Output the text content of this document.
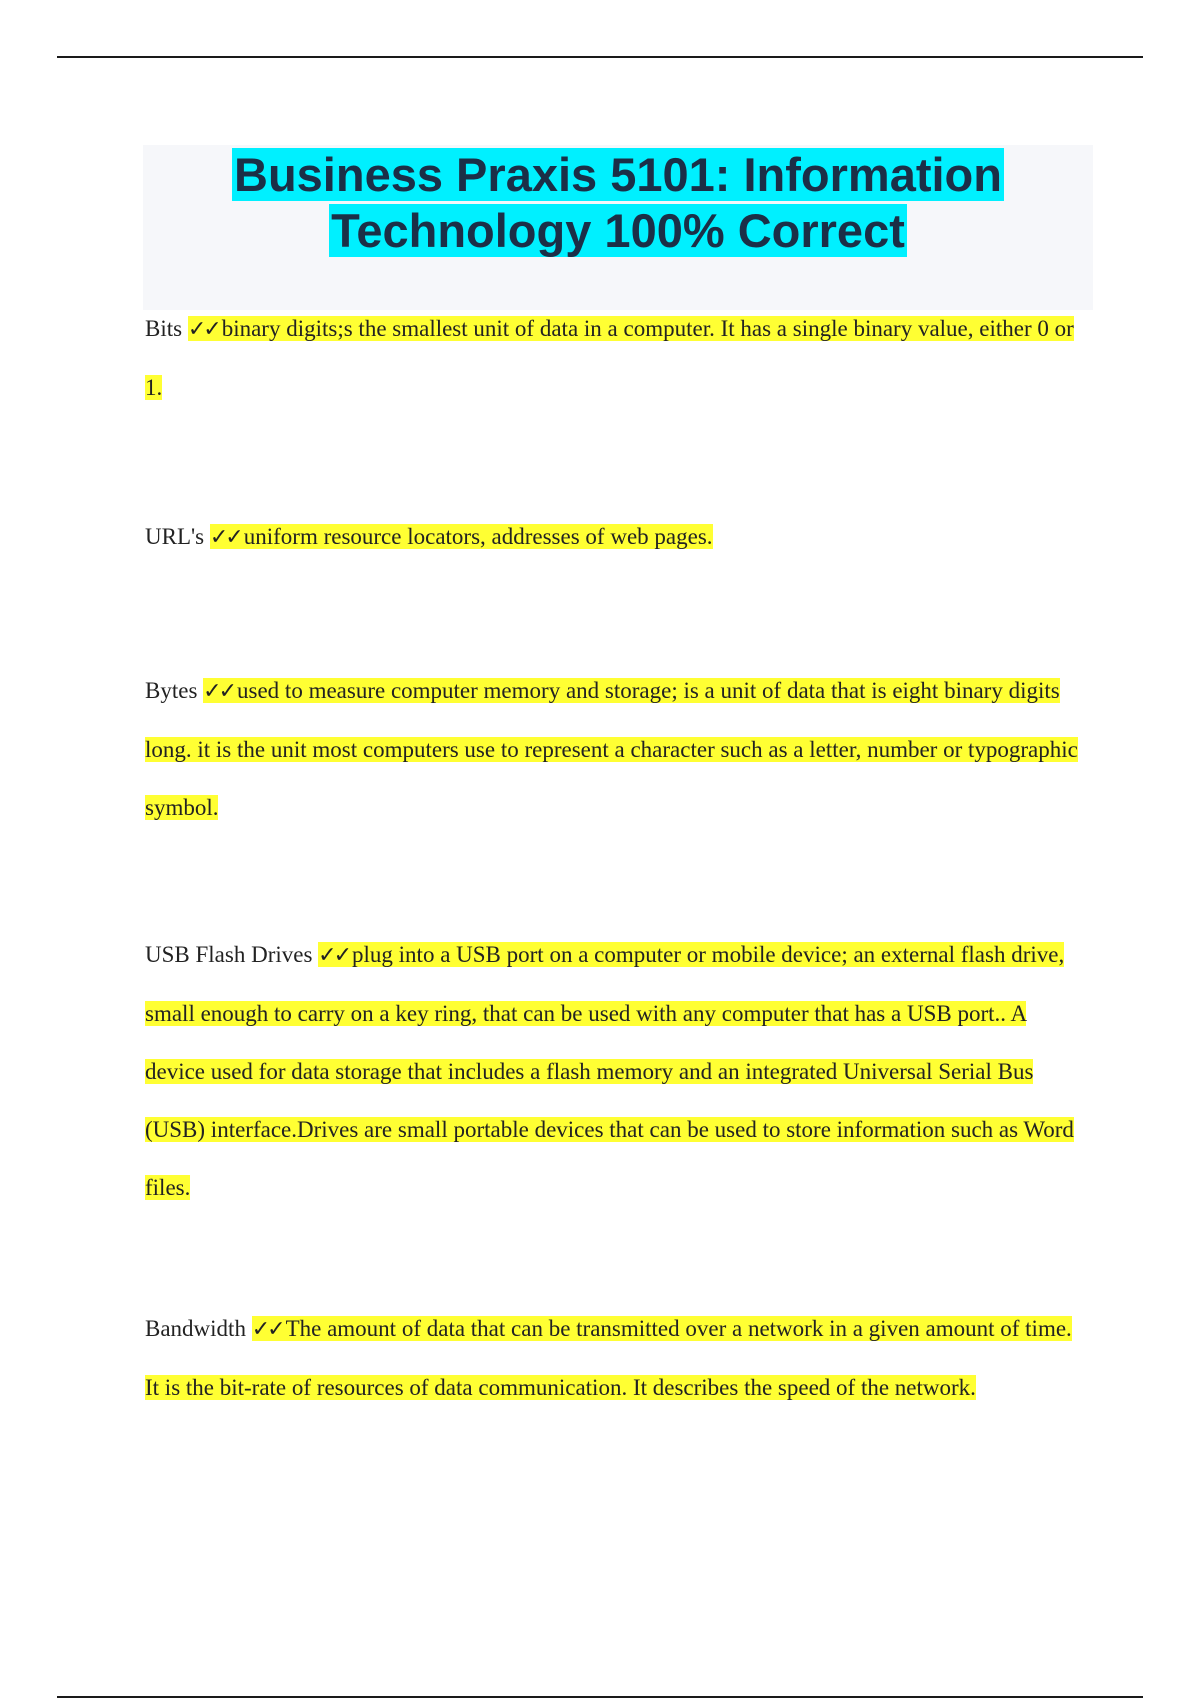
Business Praxis 5101: Information Technology 100% Correct

Bits ✓✓ binary digits;s the smallest unit of data in a computer. It has a single binary value, either 0 or 1.

URL's ✓✓ uniform resource locators, addresses of web pages.

Bytes ✓✓ used to measure computer memory and storage; is a unit of data that is eight binary digits long. it is the unit most computers use to represent a character such as a letter, number or typographic symbol.

USB Flash Drives ✓✓ plug into a USB port on a computer or mobile device; an external flash drive, small enough to carry on a key ring, that can be used with any computer that has a USB port.. A device used for data storage that includes a flash memory and an integrated Universal Serial Bus (USB) interface.Drives are small portable devices that can be used to store information such as Word files.

Bandwidth ✓✓ The amount of data that can be transmitted over a network in a given amount of time. It is the bit-rate of resources of data communication. It describes the speed of the network.
